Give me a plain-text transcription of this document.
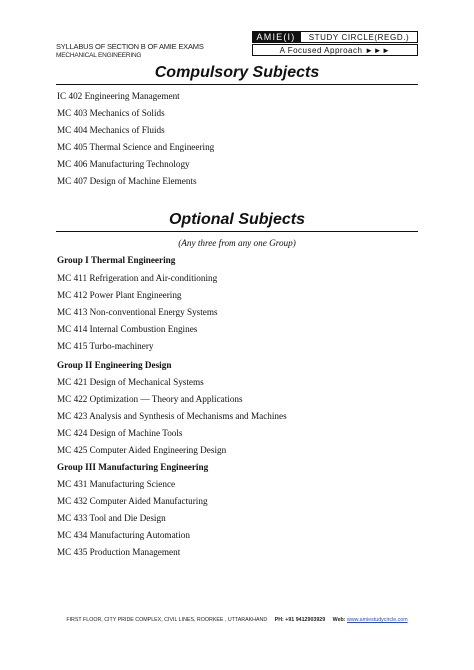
SYLLABUS OF SECTION B OF AMIE EXAMS
MECHANICAL ENGINEERING
AMIE(I)	STUDY CIRCLE(REGD.)
A Focused Approach ►►►
Compulsory Subjects
IC 402 Engineering Management
MC 403 Mechanics of Solids
MC 404 Mechanics of Fluids
MC 405 Thermal Science and Engineering
MC 406 Manufacturing Technology
MC 407 Design of Machine Elements
Optional Subjects
(Any three from any one Group)
Group I Thermal Engineering
MC 411 Refrigeration and Air-conditioning
MC 412 Power Plant Engineering
MC 413 Non-conventional Energy Systems
MC 414 Internal Combustion Engines
MC 415 Turbo-machinery
Group II Engineering Design
MC 421 Design of Mechanical Systems
MC 422 Optimization — Theory and Applications
MC 423 Analysis and Synthesis of Mechanisms and Machines
MC 424 Design of Machine Tools
MC 425 Computer Aided Engineering Design
Group III Manufacturing Engineering
MC 431 Manufacturing Science
MC 432 Computer Aided Manufacturing
MC 433 Tool and Die Design
MC 434 Manufacturing Automation
MC 435 Production Management
FIRST FLOOR, CITY PRIDE COMPLEX, CIVIL LINES, ROORKEE , UTTARAKHAND PH: +91 9412903929 Web: www.amiestudycircle.com
